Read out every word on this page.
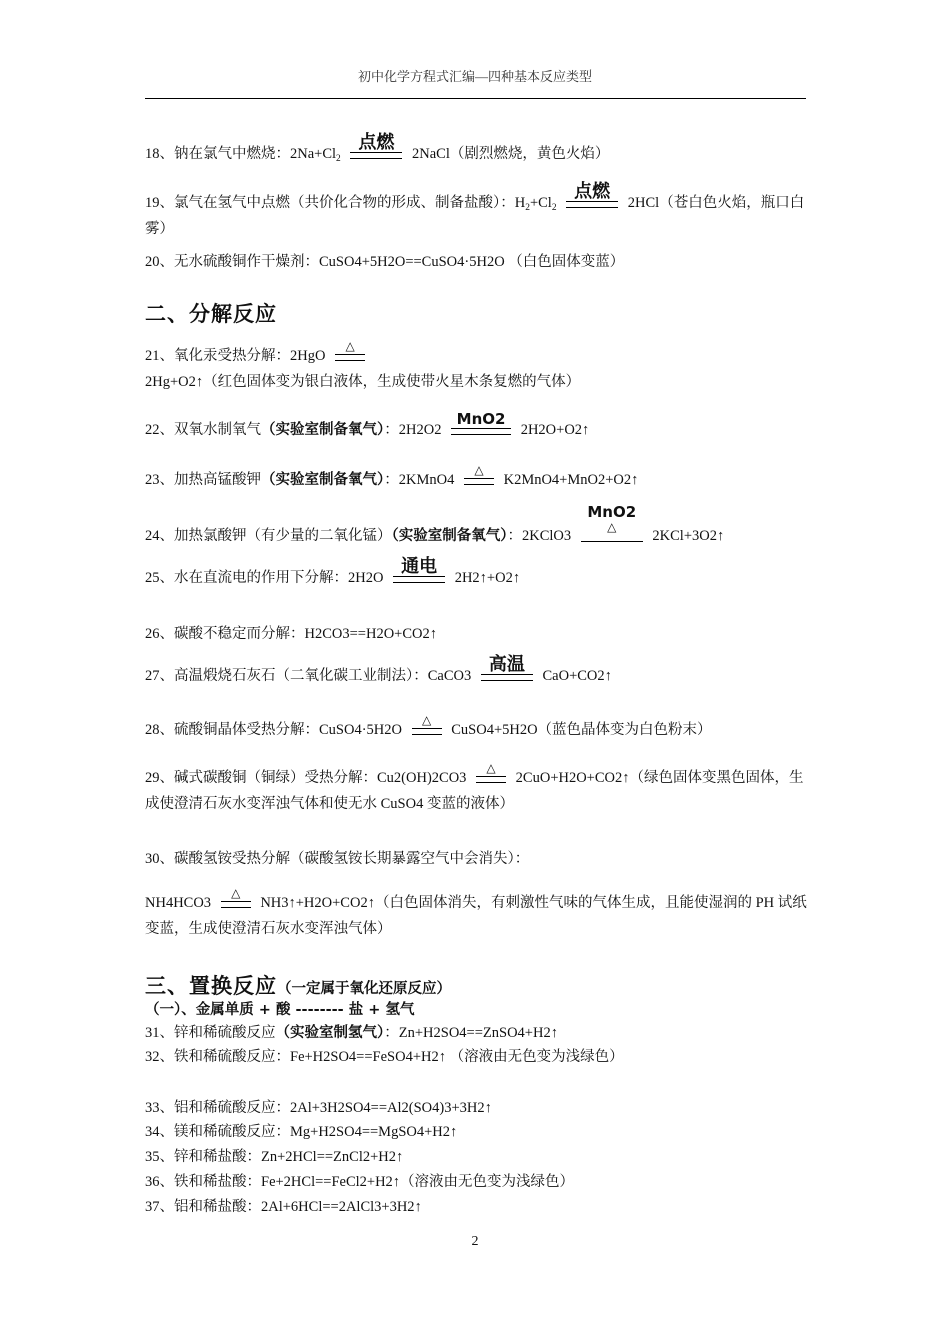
初中化学方程式汇编—四种基本反应类型
18、钠在氯气中燃烧：$2Na+Cl_2$
点燃
2NaCl（剧烈燃烧，黄色火焰）
19、氯气在氢气中点燃（共价化合物的形成、制备盐酸）：$H_2+Cl_2$
点燃
2HCl（苍白色火焰，瓶口白雾）
20、无水硫酸铜作干燥剂：CuSO4+5H2O==CuSO4·5H2O （白色固体变蓝）
二、分解反应
21、氧化汞受热分解：2HgO
△
2Hg+O2↑（红色固体变为银白液体，生成使带火星木条复燃的气体）
22、双氧水制氧气（实验室制备氧气）：2H2O2
MnO2
2H2O+O2↑
23、加热高锰酸钾（实验室制备氧气）：2KMnO4
△
K2MnO4+MnO2+O2↑
24、加热氯酸钾（有少量的二氧化锰）（实验室制备氧气）：2KClO3
MnO2
△
2KCl+3O2↑
25、水在直流电的作用下分解：2H2O
通电
2H2↑+O2↑
26、碳酸不稳定而分解：H2CO3==H2O+CO2↑
27、高温煅烧石灰石（二氧化碳工业制法）：CaCO3
高温
CaO+CO2↑
28、硫酸铜晶体受热分解：CuSO4·5H2O
△
CuSO4+5H2O（蓝色晶体变为白色粉末）
29、碱式碳酸铜（铜绿）受热分解：Cu2(OH)2CO3
△
2CuO+H2O+CO2↑（绿色固体变黑色固体，生成使澄清石灰水变浑浊气体和使无水 CuSO4 变蓝的液体）
30、碳酸氢铵受热分解（碳酸氢铵长期暴露空气中会消失）：
NH4HCO3
△
NH3↑+H2O+CO2↑（白色固体消失，有刺激性气味的气体生成，且能使湿润的 PH 试纸变蓝，生成使澄清石灰水变浑浊气体）
三、置换反应（一定属于氧化还原反应）
（一）、金属单质 + 酸 -------- 盐 + 氢气
31、锌和稀硫酸反应（实验室制氢气）：Zn+H2SO4==ZnSO4+H2↑
32、铁和稀硫酸反应：Fe+H2SO4==FeSO4+H2↑ （溶液由无色变为浅绿色）
33、铝和稀硫酸反应：2Al+3H2SO4==Al2(SO4)3+3H2↑
34、镁和稀硫酸反应：Mg+H2SO4==MgSO4+H2↑
35、锌和稀盐酸：Zn+2HCl==ZnCl2+H2↑
36、铁和稀盐酸：Fe+2HCl==FeCl2+H2↑（溶液由无色变为浅绿色）
37、铝和稀盐酸：2Al+6HCl==2AlCl3+3H2↑
2
